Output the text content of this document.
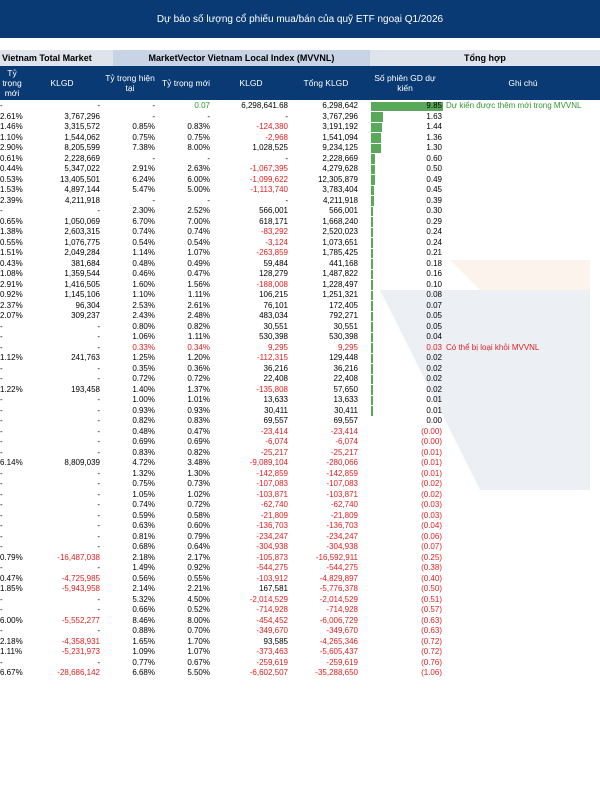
Dự báo số lượng cổ phiếu mua/bán của quỹ ETF ngoại Q1/2026
Vietnam Total Market	MarketVector Vietnam Local Index (MVVNL)	Tổng hợp
Tỷ trọng mới
KLGD	Tỷ trọng hiện tại	Tỷ trọng mới	KLGD	Tổng KLGD	Số phiên GD dự kiến	Ghi chú
-	-	-	0.07	6,298,641.68	6,298,642	9.85 Dự kiến được thêm mới trong MVVNL
2.61%	3,767,296	-	-	-	3,767,296	1.63
1.46%	3,315,572	0.85%	0.83%	-124,380	3,191,192	1.44
1.10%	1,544,062	0.75%	0.75%	-2,968	1,541,094	1.36
2.90%	8,205,599	7.38%	8.00%	1,028,525	9,234,125	1.30
0.61%	2,228,669	-	-	-	2,228,669	0.60
0.44%	5,347,022	2.91%	2.63%	-1,067,395	4,279,628	0.50
0.53%	13,405,501	6.24%	6.00%	-1,099,622	12,305,879	0.49
1.53%	4,897,144	5.47%	5.00%	-1,113,740	3,783,404	0.45
2.39%	4,211,918	-	-	-	4,211,918	0.39
-	-	2.30%	2.52%	566,001	566,001	0.30
0.65%	1,050,069	6.70%	7.00%	618,171	1,668,240	0.29
1.38%	2,603,315	0.74%	0.74%	-83,292	2,520,023	0.24
0.55%	1,076,775	0.54%	0.54%	-3,124	1,073,651	0.24
1.51%	2,049,284	1.14%	1.07%	-263,859	1,785,425	0.21
0.43%	381,684	0.48%	0.49%	59,484	441,168	0.18
1.08%	1,359,544	0.46%	0.47%	128,279	1,487,822	0.16
2.91%	1,416,505	1.60%	1.56%	-188,008	1,228,497	0.10
0.92%	1,145,106	1.10%	1.11%	106,215	1,251,321	0.08
2.37%	96,304	2.53%	2.61%	76,101	172,405	0.07
2.07%	309,237	2.43%	2.48%	483,034	792,271	0.05
-	-	0.80%	0.82%	30,551	30,551	0.05
-	-	1.06%	1.11%	530,398	530,398	0.04
-	-	0.33%	0.34%	9,295	9,295	0.03 Có thể bị loại khỏi MVVNL
1.12%	241,763	1.25%	1.20%	-112,315	129,448	0.02
-	-	0.35%	0.36%	36,216	36,216	0.02
-	-	0.72%	0.72%	22,408	22,408	0.02
1.22%	193,458	1.40%	1.37%	-135,808	57,650	0.02
-	-	1.00%	1.01%	13,633	13,633	0.01
-	-	0.93%	0.93%	30,411	30,411	0.01
-	-	0.82%	0.83%	69,557	69,557	0.00
-	-	0.48%	0.47%	-23,414	-23,414	(0.00)
-	-	0.69%	0.69%	-6,074	-6,074	(0.00)
-	-	0.83%	0.82%	-25,217	-25,217	(0.01)
6.14%	8,809,039	4.72%	3.48%	-9,089,104	-280,066	(0.01)
-	-	1.32%	1.30%	-142,859	-142,859	(0.01)
-	-	0.75%	0.73%	-107,083	-107,083	(0.02)
-	-	1.05%	1.02%	-103,871	-103,871	(0.02)
-	-	0.74%	0.72%	-62,740	-62,740	(0.03)
-	-	0.59%	0.58%	-21,809	-21,809	(0.03)
-	-	0.63%	0.60%	-136,703	-136,703	(0.04)
-	-	0.81%	0.79%	-234,247	-234,247	(0.06)
-	-	0.68%	0.64%	-304,938	-304,938	(0.07)
0.79%	-16,487,038	2.18%	2.17%	-105,873	-16,592,911	(0.25)
-	-	1.49%	0.92%	-544,275	-544,275	(0.38)
0.47%	-4,725,985	0.56%	0.55%	-103,912	-4,829,897	(0.40)
1.85%	-5,943,958	2.14%	2.21%	167,581	-5,776,378	(0.50)
-	-	5.32%	4.50%	-2,014,529	-2,014,529	(0.51)
-	-	0.66%	0.52%	-714,928	-714,928	(0.57)
6.00%	-5,552,277	8.46%	8.00%	-454,452	-6,006,729	(0.63)
-	-	0.88%	0.70%	-349,670	-349,670	(0.63)
2.18%	-4,358,931	1.65%	1.70%	93,585	-4,265,346	(0.72)
1.11%	-5,231,973	1.09%	1.07%	-373,463	-5,605,437	(0.72)
-	-	0.77%	0.67%	-259,619	-259,619	(0.76)
6.67%	-28,686,142	6.68%	5.50%	-6,602,507	-35,288,650	(1.06)
